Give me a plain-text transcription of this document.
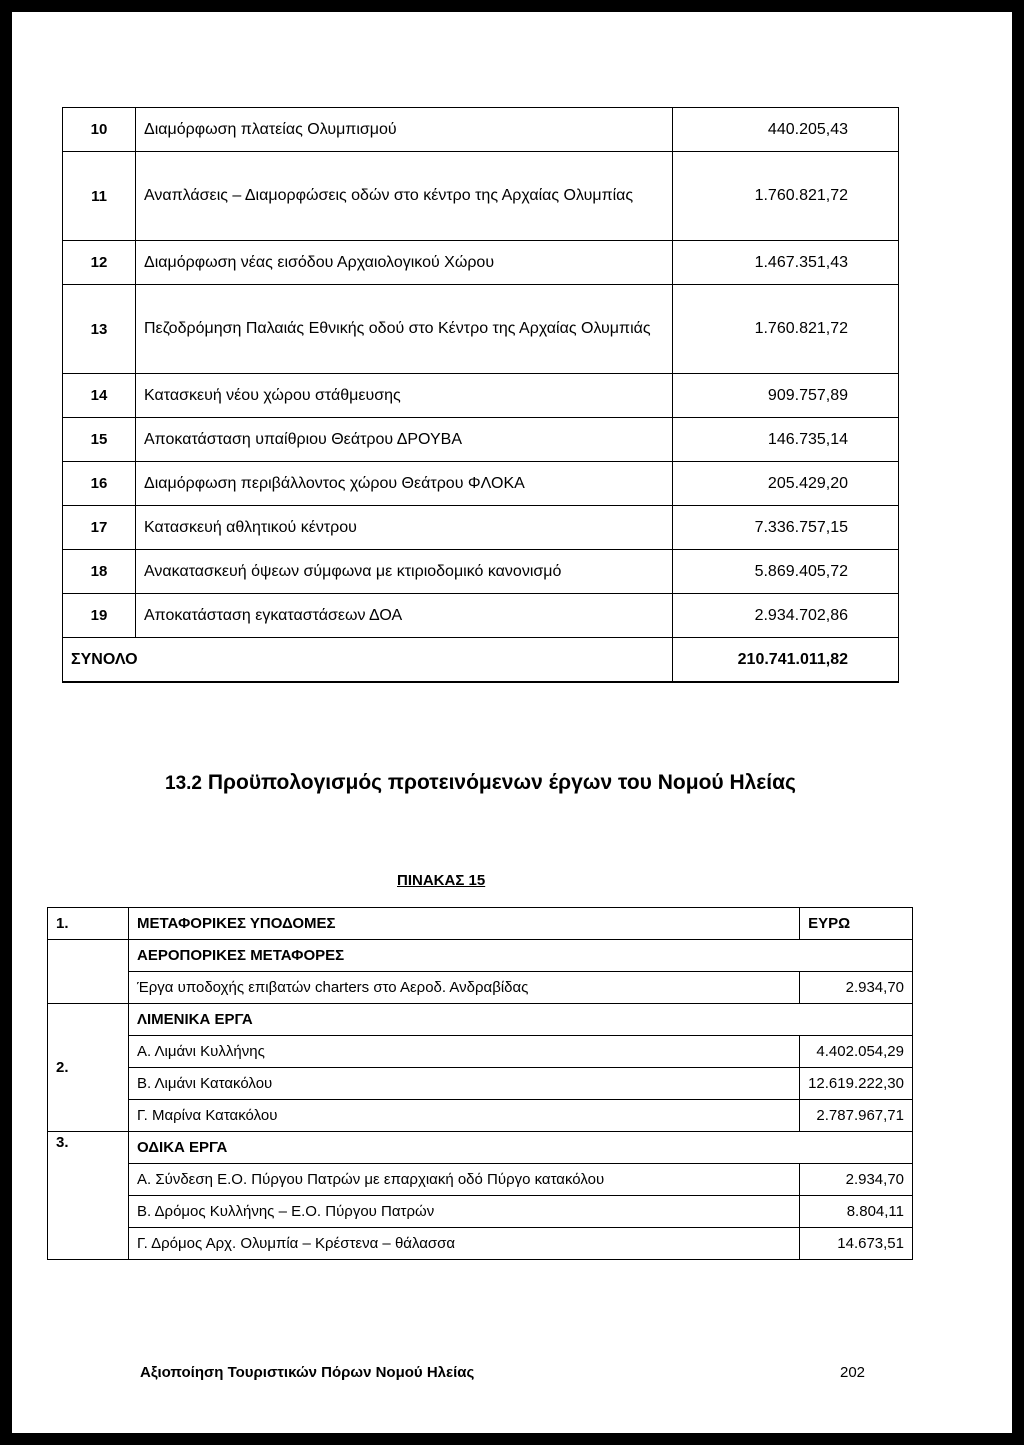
10	Διαμόρφωση πλατείας Ολυμπισμού	440.205,43
11	Αναπλάσεις – Διαμορφώσεις οδών στο κέντρο της Αρχαίας Ολυμπίας	1.760.821,72
12	Διαμόρφωση νέας εισόδου Αρχαιολογικού Χώρου	1.467.351,43
13	Πεζοδρόμηση Παλαιάς Εθνικής οδού στο Κέντρο της Αρχαίας Ολυμπιάς	1.760.821,72
14	Κατασκευή νέου χώρου στάθμευσης	909.757,89
15	Αποκατάσταση υπαίθριου Θεάτρου ΔΡΟΥΒΑ	146.735,14
16	Διαμόρφωση περιβάλλοντος χώρου Θεάτρου ΦΛΟΚΑ	205.429,20
17	Κατασκευή αθλητικού κέντρου	7.336.757,15
18	Ανακατασκευή όψεων σύμφωνα με κτιριοδομικό κανονισμό	5.869.405,72
19	Αποκατάσταση εγκαταστάσεων ΔΟΑ	2.934.702,86
ΣΥΝΟΛΟ		210.741.011,82
13.2 Προϋπολογισμός προτεινόμενων έργων του Νομού Ηλείας
ΠΙΝΑΚΑΣ 15
1.	ΜΕΤΑΦΟΡΙΚΕΣ ΥΠΟΔΟΜΕΣ	ΕΥΡΩ
	ΑΕΡΟΠΟΡΙΚΕΣ ΜΕΤΑΦΟΡΕΣ	
	Έργα υποδοχής επιβατών charters στο Αεροδ. Ανδραβίδας	2.934,70
2.	ΛΙΜΕΝΙΚΑ ΕΡΓΑ	
	Α. Λιμάνι Κυλλήνης	4.402.054,29
	Β. Λιμάνι Κατακόλου	12.619.222,30
	Γ. Μαρίνα Κατακόλου	2.787.967,71
3.	ΟΔΙΚΑ ΕΡΓΑ	
	Α. Σύνδεση Ε.Ο. Πύργου Πατρών με επαρχιακή οδό Πύργο κατακόλου	2.934,70
	Β. Δρόμος Κυλλήνης – Ε.Ο. Πύργου Πατρών	8.804,11
	Γ. Δρόμος Αρχ. Ολυμπία – Κρέστενα – θάλασσα	14.673,51
Αξιοποίηση Τουριστικών Πόρων Νομού Ηλείας	202
